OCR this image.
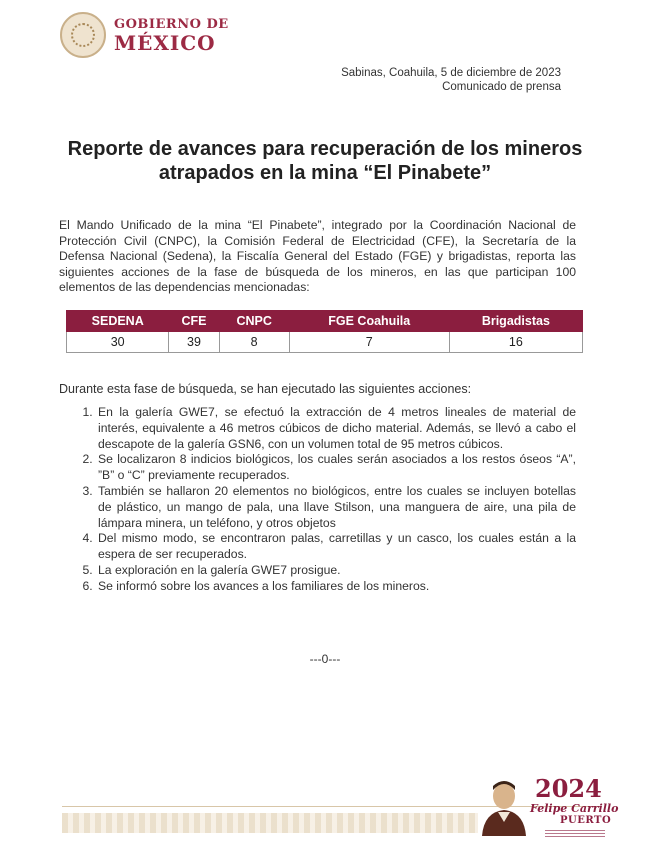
GOBIERNO DE
MÉXICO
Sabinas, Coahuila, 5 de diciembre de 2023
Comunicado de prensa
Reporte de avances para recuperación de los mineros atrapados en la mina “El Pinabete”
El Mando Unificado de la mina “El Pinabete”, integrado por la Coordinación Nacional de Protección Civil (CNPC), la Comisión Federal de Electricidad (CFE), la Secretaría de la Defensa Nacional (Sedena), la Fiscalía General del Estado (FGE) y brigadistas, reporta las siguientes acciones de la fase de búsqueda de los mineros, en las que participan 100 elementos de las dependencias mencionadas:
SEDENA	CFE	CNPC	FGE Coahuila	Brigadistas
30	39	8	7	16
Durante esta fase de búsqueda, se han ejecutado las siguientes acciones:
1. En la galería GWE7, se efectuó la extracción de 4 metros lineales de material de interés, equivalente a 46 metros cúbicos de dicho material. Además, se llevó a cabo el descapote de la galería GSN6, con un volumen total de 95 metros cúbicos.
2. Se localizaron 8 indicios biológicos, los cuales serán asociados a los restos óseos “A”, ”B” o “C” previamente recuperados.
3. También se hallaron 20 elementos no biológicos, entre los cuales se incluyen botellas de plástico, un mango de pala, una llave Stilson, una manguera de aire, una pila de lámpara minera, un teléfono, y otros objetos
4. Del mismo modo, se encontraron palas, carretillas y un casco, los cuales están a la espera de ser recuperados.
5. La exploración en la galería GWE7 prosigue.
6. Se informó sobre los avances a los familiares de los mineros.
---0---
2024
Felipe Carrillo
PUERTO
